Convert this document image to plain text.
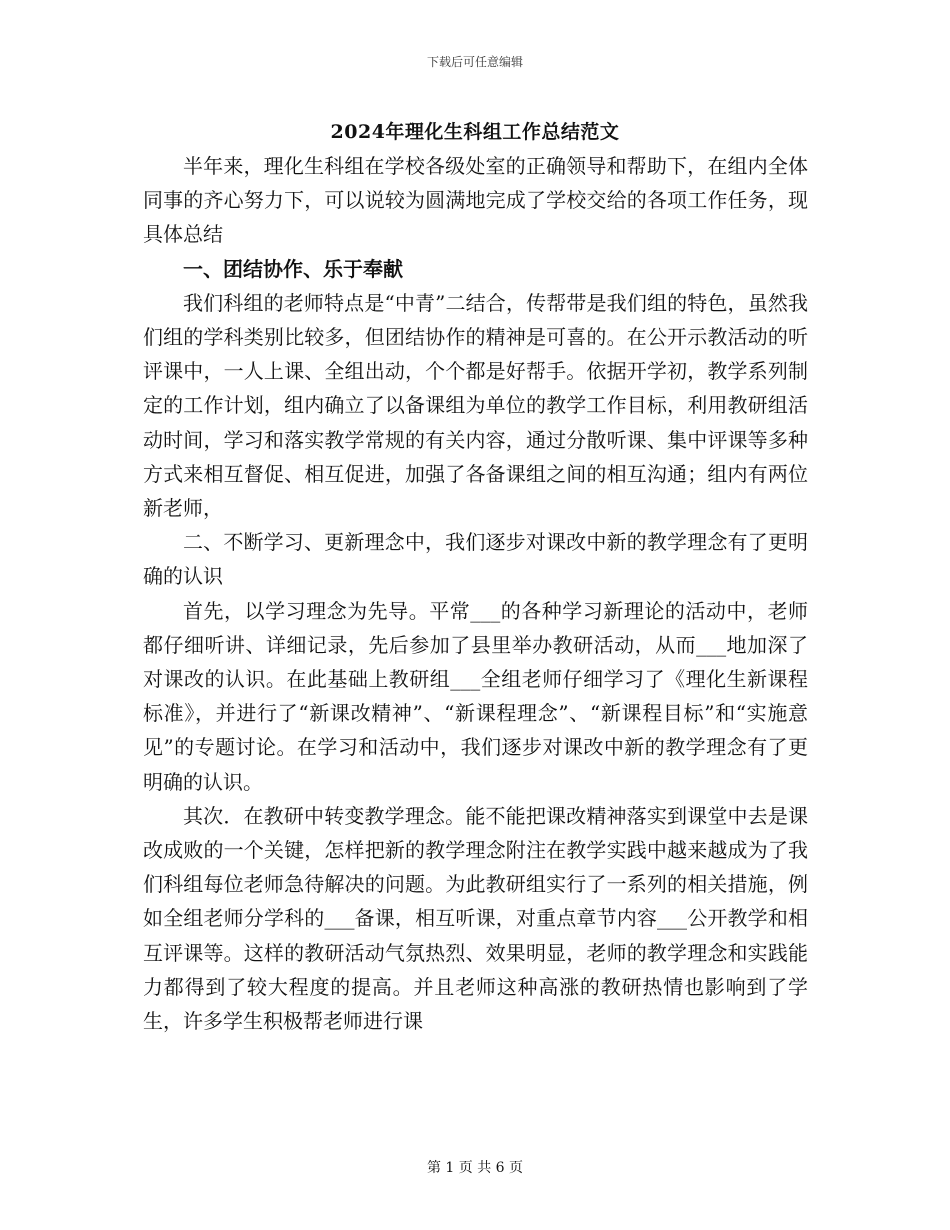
下载后可任意编辑
2024年理化生科组工作总结范文

半年来，理化生科组在学校各级处室的正确领导和帮助下，在组内全体同事的齐心努力下，可以说较为圆满地完成了学校交给的各项工作任务，现具体总结

一、团结协作、乐于奉献

我们科组的老师特点是“中青”二结合，传帮带是我们组的特色，虽然我们组的学科类别比较多，但团结协作的精神是可喜的。在公开示教活动的听评课中，一人上课、全组出动，个个都是好帮手。依据开学初，教学系列制定的工作计划，组内确立了以备课组为单位的教学工作目标，利用教研组活动时间，学习和落实教学常规的有关内容，通过分散听课、集中评课等多种方式来相互督促、相互促进，加强了各备课组之间的相互沟通；组内有两位新老师，

二、不断学习、更新理念中，我们逐步对课改中新的教学理念有了更明确的认识

首先，以学习理念为先导。平常___的各种学习新理论的活动中，老师都仔细听讲、详细记录，先后参加了县里举办教研活动，从而___地加深了对课改的认识。在此基础上教研组___全组老师仔细学习了《理化生新课程标准》，并进行了“新课改精神”、“新课程理念”、“新课程目标”和“实施意见”的专题讨论。在学习和活动中，我们逐步对课改中新的教学理念有了更明确的认识。

其次．在教研中转变教学理念。能不能把课改精神落实到课堂中去是课改成败的一个关键，怎样把新的教学理念附注在教学实践中越来越成为了我们科组每位老师急待解决的问题。为此教研组实行了一系列的相关措施，例如全组老师分学科的___备课，相互听课，对重点章节内容___公开教学和相互评课等。这样的教研活动气氛热烈、效果明显，老师的教学理念和实践能力都得到了较大程度的提高。并且老师这种高涨的教研热情也影响到了学生，许多学生积极帮老师进行课

第 1 页 共 6 页
